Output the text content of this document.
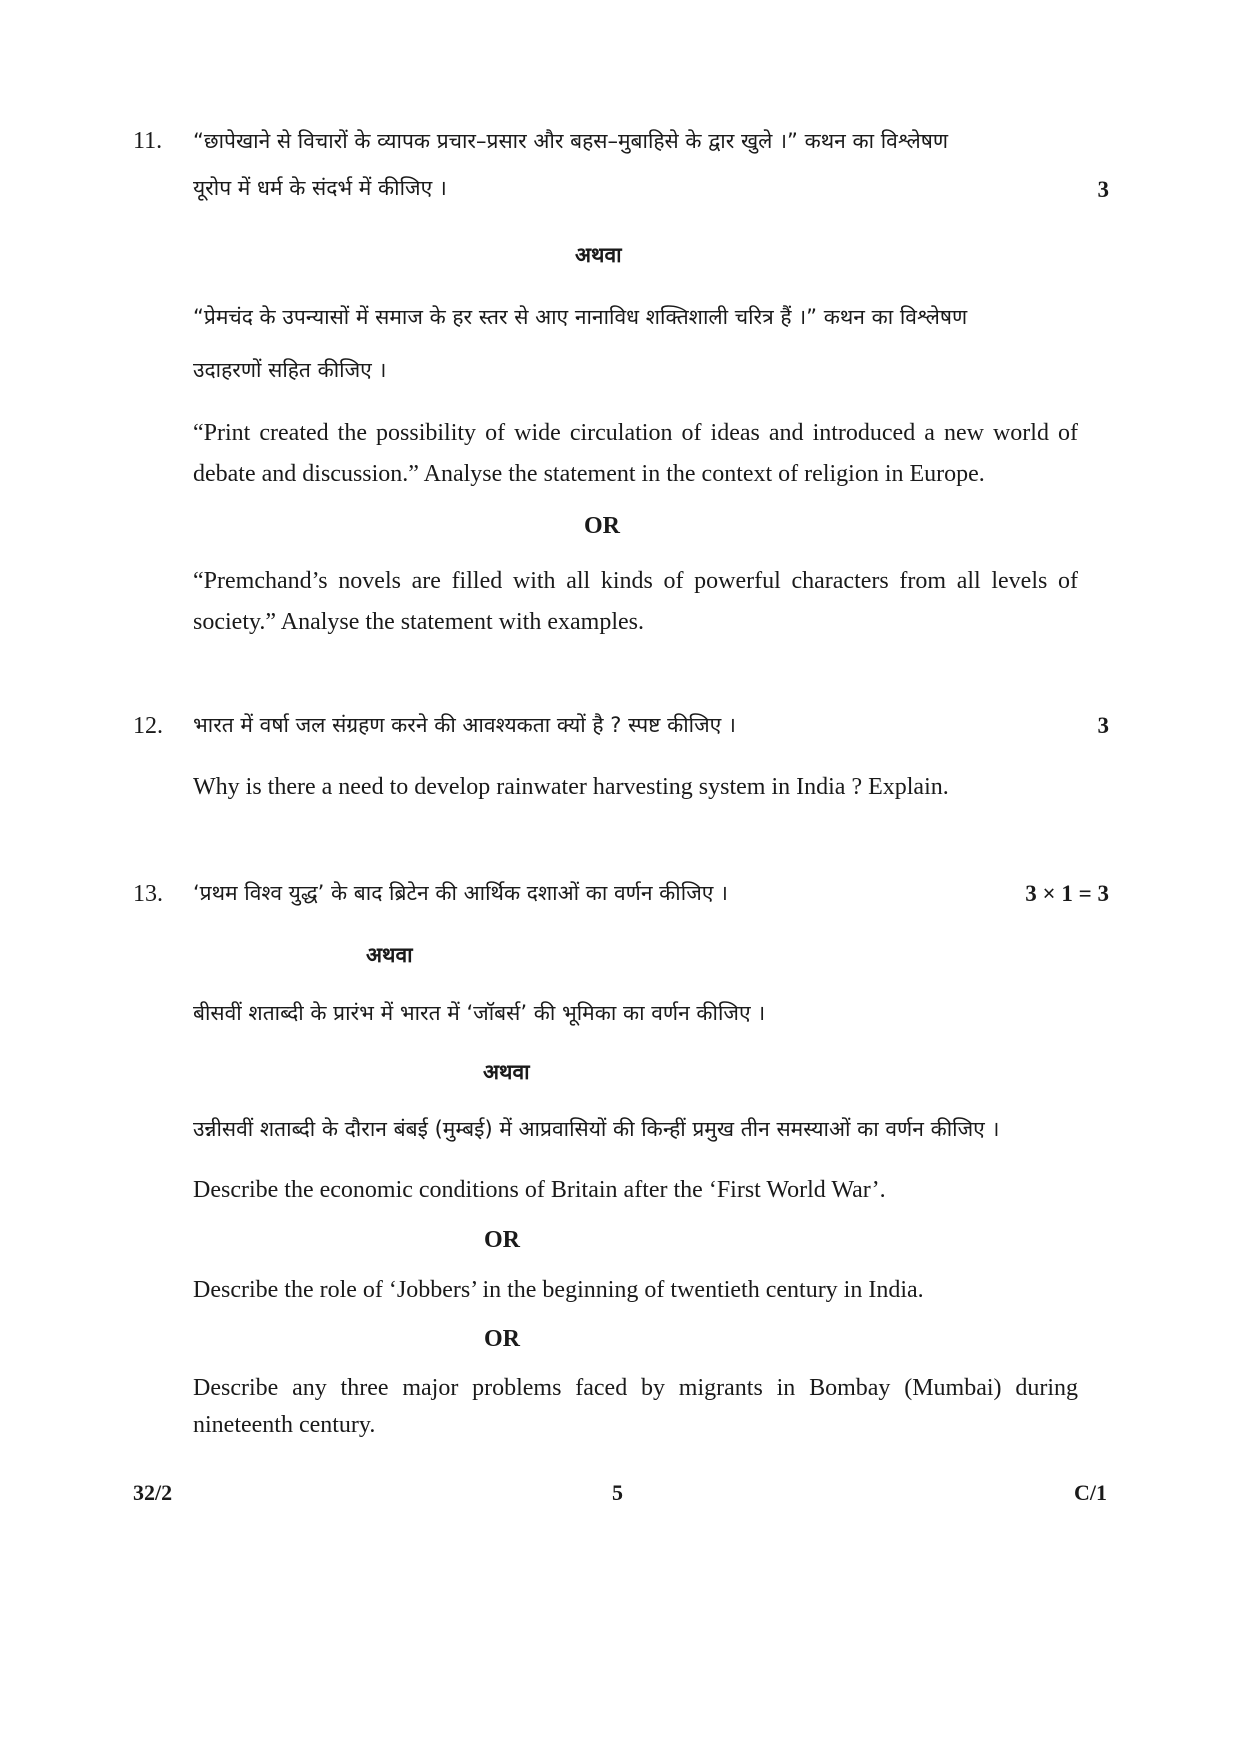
11. “छापेखाने से विचारों के व्यापक प्रचार–प्रसार और बहस–मुबाहिसे के द्वार खुले ।” कथन का विश्लेषण
यूरोप में धर्म के संदर्भ में कीजिए ।	3
अथवा
“प्रेमचंद के उपन्यासों में समाज के हर स्तर से आए नानाविध शक्तिशाली चरित्र हैं ।” कथन का विश्लेषण
उदाहरणों सहित कीजिए ।
“Print created the possibility of wide circulation of ideas and introduced a new world of debate and discussion.” Analyse the statement in the context of religion in Europe.
OR
“Premchand’s novels are filled with all kinds of powerful characters from all levels of society.” Analyse the statement with examples.
12. भारत में वर्षा जल संग्रहण करने की आवश्यकता क्यों है ? स्पष्ट कीजिए ।	3
Why is there a need to develop rainwater harvesting system in India ? Explain.
13. ‘प्रथम विश्व युद्ध’ के बाद ब्रिटेन की आर्थिक दशाओं का वर्णन कीजिए ।	3 × 1 = 3
अथवा
बीसवीं शताब्दी के प्रारंभ में भारत में ‘जॉबर्स’ की भूमिका का वर्णन कीजिए ।
अथवा
उन्नीसवीं शताब्दी के दौरान बंबई (मुम्बई) में आप्रवासियों की किन्हीं प्रमुख तीन समस्याओं का वर्णन कीजिए ।
Describe the economic conditions of Britain after the ‘First World War’.
OR
Describe the role of ‘Jobbers’ in the beginning of twentieth century in India.
OR
Describe any three major problems faced by migrants in Bombay (Mumbai) during nineteenth century.
32/2	5	C/1
